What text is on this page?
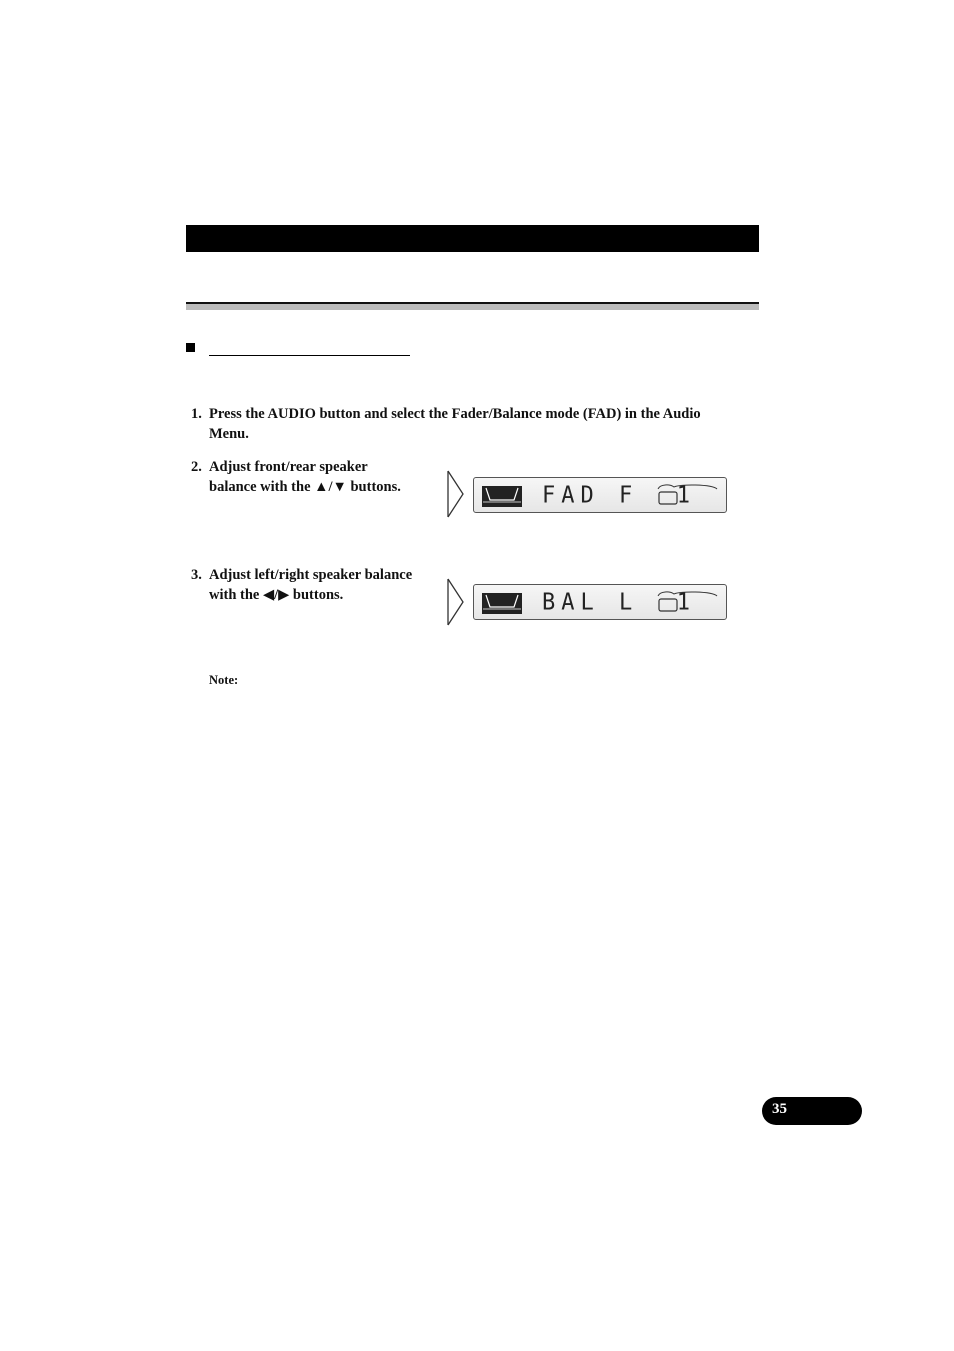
1. Press the AUDIO button and select the Fader/Balance mode (FAD) in the Audio
Menu.
2. Adjust front/rear speaker
balance with the ▲/▼ buttons.	FAD F  1
3. Adjust left/right speaker balance
with the ◀/▶ buttons.	BAL L  1
Note:
35
